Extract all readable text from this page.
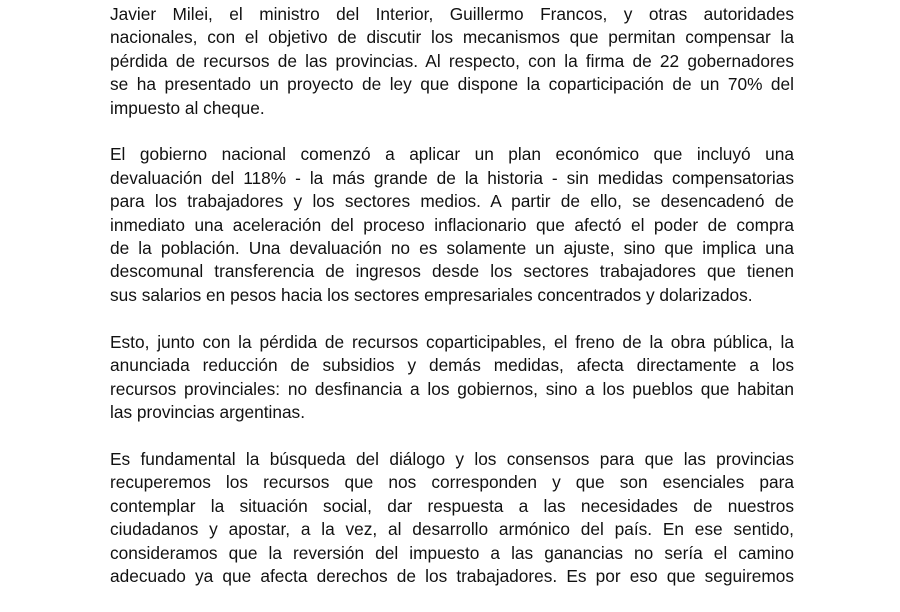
Javier Milei, el ministro del Interior, Guillermo Francos, y otras autoridades
nacionales, con el objetivo de discutir los mecanismos que permitan compensar la
pérdida de recursos de las provincias. Al respecto, con la firma de 22 gobernadores
se ha presentado un proyecto de ley que dispone la coparticipación de un 70% del
impuesto al cheque.
El gobierno nacional comenzó a aplicar un plan económico que incluyó una
devaluación del 118% - la más grande de la historia - sin medidas compensatorias
para los trabajadores y los sectores medios. A partir de ello, se desencadenó de
inmediato una aceleración del proceso inflacionario que afectó el poder de compra
de la población. Una devaluación no es solamente un ajuste, sino que implica una
descomunal transferencia de ingresos desde los sectores trabajadores que tienen
sus salarios en pesos hacia los sectores empresariales concentrados y dolarizados.
Esto, junto con la pérdida de recursos coparticipables, el freno de la obra pública, la
anunciada reducción de subsidios y demás medidas, afecta directamente a los
recursos provinciales: no desfinancia a los gobiernos, sino a los pueblos que habitan
las provincias argentinas.
Es fundamental la búsqueda del diálogo y los consensos para que las provincias
recuperemos los recursos que nos corresponden y que son esenciales para
contemplar la situación social, dar respuesta a las necesidades de nuestros
ciudadanos y apostar, a la vez, al desarrollo armónico del país. En ese sentido,
consideramos que la reversión del impuesto a las ganancias no sería el camino
adecuado ya que afecta derechos de los trabajadores. Es por eso que seguiremos
